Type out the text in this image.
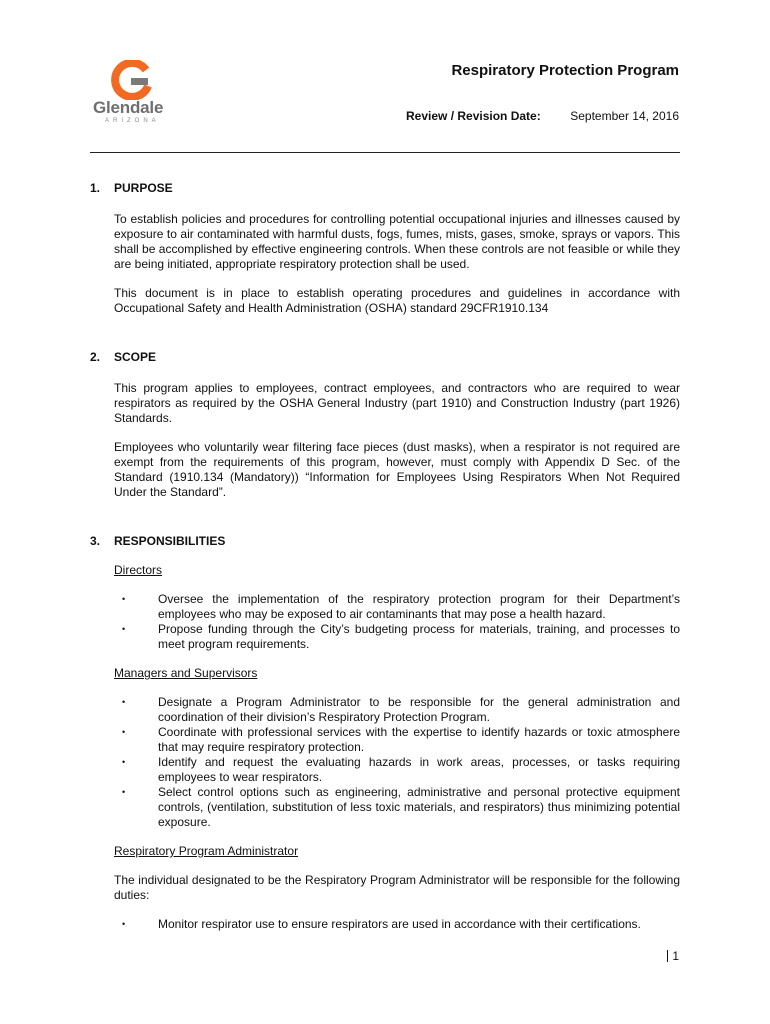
Glendale
ARIZONA
Respiratory Protection Program
Review / Revision Date: September 14, 2016
1.	PURPOSE

To establish policies and procedures for controlling potential occupational injuries and illnesses caused by exposure to air contaminated with harmful dusts, fogs, fumes, mists, gases, smoke, sprays or vapors. This shall be accomplished by effective engineering controls. When these controls are not feasible or while they are being initiated, appropriate respiratory protection shall be used.

This document is in place to establish operating procedures and guidelines in accordance with Occupational Safety and Health Administration (OSHA) standard 29CFR1910.134

2.	SCOPE

This program applies to employees, contract employees, and contractors who are required to wear respirators as required by the OSHA General Industry (part 1910) and Construction Industry (part 1926) Standards.

Employees who voluntarily wear filtering face pieces (dust masks), when a respirator is not required are exempt from the requirements of this program, however, must comply with Appendix D Sec. of the Standard (1910.134 (Mandatory)) “Information for Employees Using Respirators When Not Required Under the Standard”.

3.	RESPONSIBILITIES

Directors

•	Oversee the implementation of the respiratory protection program for their Department’s employees who may be exposed to air contaminants that may pose a health hazard.
•	Propose funding through the City’s budgeting process for materials, training, and processes to meet program requirements.

Managers and Supervisors

•	Designate a Program Administrator to be responsible for the general administration and coordination of their division’s Respiratory Protection Program.
•	Coordinate with professional services with the expertise to identify hazards or toxic atmosphere that may require respiratory protection.
•	Identify and request the evaluating hazards in work areas, processes, or tasks requiring employees to wear respirators.
•	Select control options such as engineering, administrative and personal protective equipment controls, (ventilation, substitution of less toxic materials, and respirators) thus minimizing potential exposure.

Respiratory Program Administrator

The individual designated to be the Respiratory Program Administrator will be responsible for the following duties:

•	Monitor respirator use to ensure respirators are used in accordance with their certifications.
1
